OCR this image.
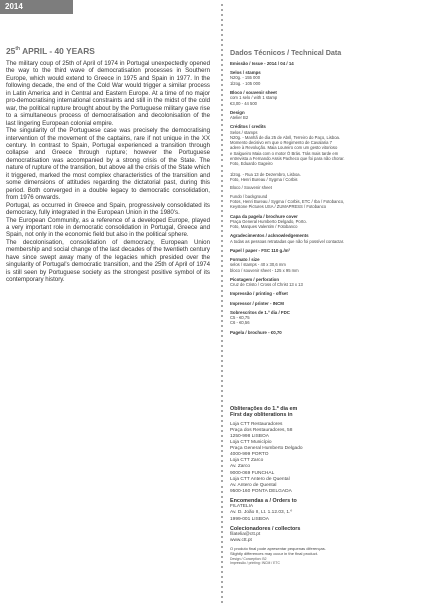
2014
25th APRIL - 40 YEARS

The military coup of 25th of April of 1974 in Portugal unexpectedly opened the way to the third wave of democratisation processes in Southern Europe, which would extend to Greece in 1975 and Spain in 1977. In the following decade, the end of the Cold War would trigger a similar process in Latin America and in Central and Eastern Europe. At a time of no major pro-democratising international constraints and still in the midst of the cold war, the political rupture brought about by the Portuguese military gave rise to a simultaneous process of democratisation and decolonisation of the last lingering European colonial empire.

The singularity of the Portuguese case was precisely the democratising intervention of the movement of the captains, rare if not unique in the XX century. In contrast to Spain, Portugal experienced a transition through collapse and Greece through rupture; however the Portuguese democratisation was accompanied by a strong crisis of the State. The nature of rupture of the transition, but above all the crisis of the State which it triggered, marked the most complex characteristics of the transition and some dimensions of attitudes regarding the dictatorial past, during this period. Both converged in a double legacy to democratic consolidation, from 1976 onwards.

Portugal, as occurred in Greece and Spain, progressively consolidated its democracy, fully integrated in the European Union in the 1980's.

The European Community, as a reference of a developed Europe, played a very important role in democratic consolidation in Portugal, Greece and Spain, not only in the economic field but also in the political sphere.

The decolonisation, consolidation of democracy, European Union membership and social change of the last decades of the twentieth century have since swept away many of the legacies which presided over the singularity of Portugal's democratic transition, and the 25th of April of 1974 is still seen by Portuguese society as the strongest positive symbol of its contemporary history.

Dados Técnicos / Technical Data
Emissão / Issue - 2014 / 04 / 14
Selos / stamps
N20g. - 155 000
1l2og. - 105 000
Bloco / souvenir sheet
com 1 selo / with 1 stamp
€3,00 - 44 500
Design
Atelier B2
Créditos / credits
Selos / stamps
N20g. - Manhã de dia 25 de Abril, Terreiro do Paço, Lisboa.
Momento decisivo em que o Regimento de Cavalaria 7
adere à Revolução. Maia Loureiro com um gesto vitorioso
e Salgueiro Maia com o motor Ó Brás. Trás mais tarde em
entrevista a Fernando Assis Pacheco que foi para não chorar.
Foto, Eduardo Gageiro

1l2og. - Rua 13 de Dezembro, Lisboa.
Foto, Henri Bureau / Sygma / Corbis
Bloco / Souvenir sheet
Fundo / background
Fotos, Henri Bureau / Sygma / Corbis, ETC / rba / Fotobanco,
Keystone Pictures USA / ZUMAPRESS / Fotobanco
Capa da pagela / brochure cover
Praça General Humberto Delgado, Porto.
Foto, Marques Valentim / Fotobanco
Agradecimentos / acknowledgements
A todas as pessoas retratadas que não foi possível contactar.
Papel / paper - FSC 110 g./m²
Formato / size
selos / stamps - 40 x 30,6 mm
bloco / souvenir sheet - 125 x 95 mm
Picotagem / perforation
Cruz de Cristo / Cross of Christ 13 x 13
Impressão / printing - offset
Impressor / printer - INCM
Sobrescritos de 1.º dia / FDC
C5 - €0,75
C6 - €0,56
Pagela / brochure - €0,70
Obliterações do 1.º dia em
First day obliterations in
Loja CTT Restauradores
Praça dos Restauradores, 58
1250-998 LISBOA
Loja CTT Município
Praça General Humberto Delgado
4000-999 PORTO
Loja CTT Zarco
Av. Zarco
9000-069 FUNCHAL
Loja CTT Antero de Quental
Av. Antero de Quental
9500-160 PONTA DELGADA
Encomendas a / Orders to
FILATELIA
Av. D. João II, Lt. 1.12.03, 1.º
1999-001 LISBOA
Colecionadores / collectors
filatelia@ctt.pt
www.ctt.pt
O produto final pode apresentar pequenas diferenças.
Slightly differences may occur in the final product.
Design / Conception: B2
Impressão / printing: INCM / ETC
